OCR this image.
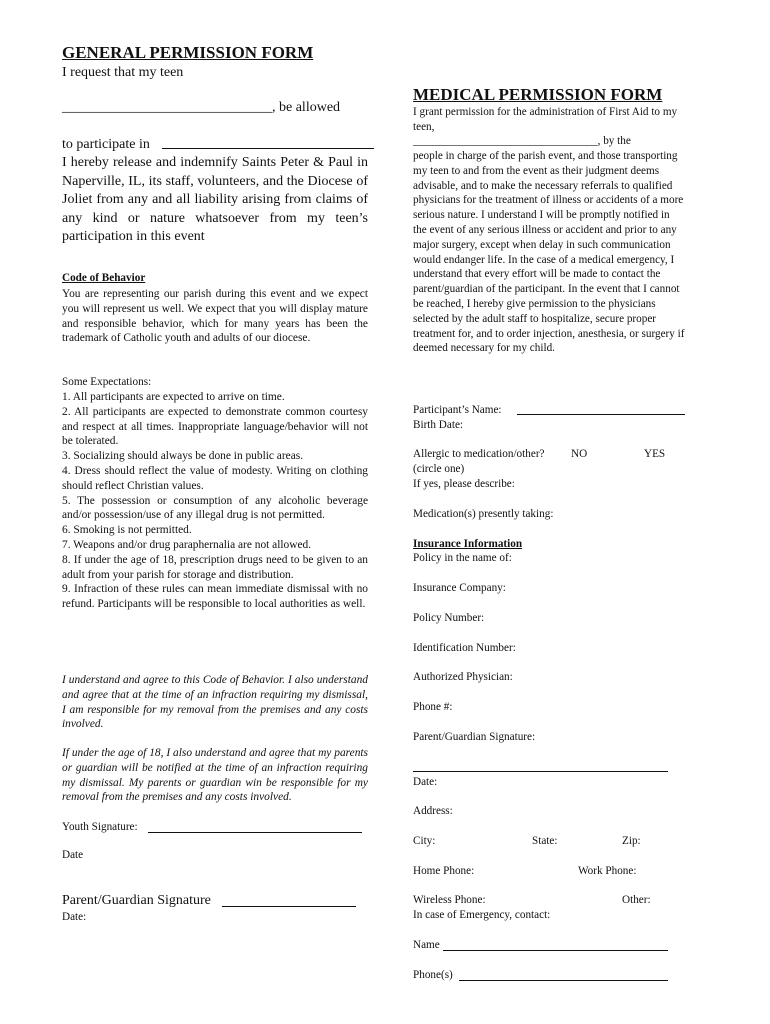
GENERAL PERMISSION FORM
I request that my teen
______________________________, be allowed
to participate in
I hereby release and indemnify Saints Peter & Paul in Naperville, IL, its staff, volunteers, and the Diocese of Joliet from any and all liability arising from claims of any kind or nature whatsoever from my teen’s participation in this event
Code of Behavior
You are representing our parish during this event and we expect you will represent us well. We expect that you will display mature and responsible behavior, which for many years has been the trademark of Catholic youth and adults of our diocese.
Some Expectations:

1. All participants are expected to arrive on time.

2. All participants are expected to demonstrate common courtesy and respect at all times. Inappropriate language/behavior will not be tolerated.

3. Socializing should always be done in public areas.

4. Dress should reflect the value of modesty. Writing on clothing should reflect Christian values.

5. The possession or consumption of any alcoholic beverage and/or possession/use of any illegal drug is not permitted.

6. Smoking is not permitted.

7. Weapons and/or drug paraphernalia are not allowed.

8. If under the age of 18, prescription drugs need to be given to an adult from your parish for storage and distribution.

9. Infraction of these rules can mean immediate dismissal with no refund. Participants will be responsible to local authorities as well.

I understand and agree to this Code of Behavior. I also understand and agree that at the time of an infraction requiring my dismissal, I am responsible for my removal from the premises and any costs involved.
If under the age of 18, I also understand and agree that my parents or guardian will be notified at the time of an infraction requiring my dismissal. My parents or guardian win be responsible for my removal from the premises and any costs involved.
Youth Signature:
Date
Parent/Guardian Signature
Date:
MEDICAL PERMISSION FORM
I grant permission for the administration of First Aid to my teen,
_________________________________, by the
people in charge of the parish event, and those transporting my teen to and from the event as their judgment deems advisable, and to make the necessary referrals to qualified physicians for the treatment of illness or accidents of a more serious nature. I understand I will be promptly notified in the event of any serious illness or accident and prior to any major surgery, except when delay in such communication would endanger life. In the case of a medical emergency, I understand that every effort will be made to contact the parent/guardian of the participant. In the event that I cannot be reached, I hereby give permission to the physicians selected by the adult staff to hospitalize, secure proper treatment for, and to order injection, anesthesia, or surgery if deemed necessary for my child.
Participant’s Name:
Birth Date:
Allergic to medication/other? NO	YES
(circle one)
If yes, please describe:
Medication(s) presently taking:
Insurance Information
Policy in the name of:
Insurance Company:
Policy Number:
Identification Number:
Authorized Physician:
Phone #:
Parent/Guardian Signature:
Date:
Address:
City:	State:	Zip:
Home Phone:	Work Phone:
Wireless Phone:	Other:
In case of Emergency, contact:
Name
Phone(s)
